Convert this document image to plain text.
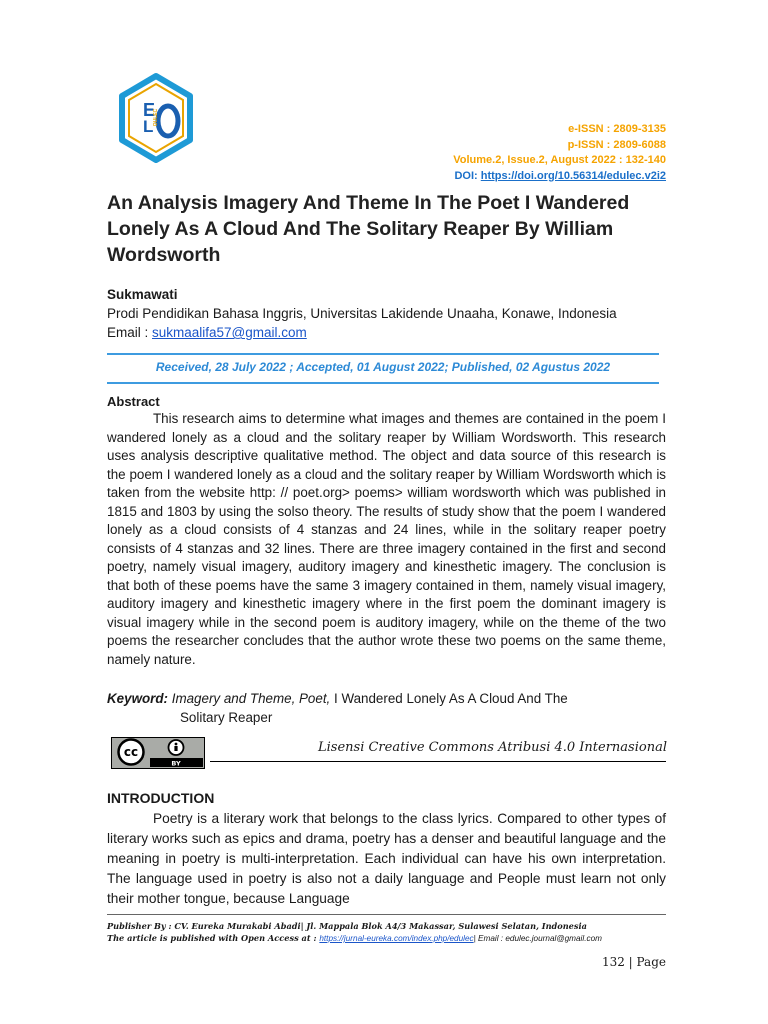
E
L DULEC
e-ISSN : 2809-3135
p-ISSN : 2809-6088
Volume.2, Issue.2, August 2022 : 132-140
DOI: https://doi.org/10.56314/edulec.v2i2
An Analysis Imagery And Theme In The Poet I Wandered Lonely As A Cloud And The Solitary Reaper By William Wordsworth
Sukmawati
Prodi Pendidikan Bahasa Inggris, Universitas Lakidende Unaaha, Konawe, Indonesia
Email : sukmaalifa57@gmail.com
Received, 28 July 2022 ; Accepted, 01 August 2022; Published, 02 Agustus 2022
Abstract

This research aims to determine what images and themes are contained in the poem I wandered lonely as a cloud and the solitary reaper by William Wordsworth. This research uses analysis descriptive qualitative method. The object and data source of this research is the poem I wandered lonely as a cloud and the solitary reaper by William Wordsworth which is taken from the website http: // poet.org> poems> william wordsworth which was published in 1815 and 1803 by using the solso theory. The results of study show that the poem I wandered lonely as a cloud consists of 4 stanzas and 24 lines, while in the solitary reaper poetry consists of 4 stanzas and 32 lines. There are three imagery contained in the first and second poetry, namely visual imagery, auditory imagery and kinesthetic imagery. The conclusion is that both of these poems have the same 3 imagery contained in them, namely visual imagery, auditory imagery and kinesthetic imagery where in the first poem the dominant imagery is visual imagery while in the second poem is auditory imagery, while on the theme of the two poems the researcher concludes that the author wrote these two poems on the same theme, namely nature.

Keyword: Imagery and Theme, Poet, I Wandered Lonely As A Cloud And The
Solitary Reaper
cc
BY
Lisensi Creative Commons Atribusi 4.0 Internasional
INTRODUCTION

Poetry is a literary work that belongs to the class lyrics. Compared to other types of literary works such as epics and drama, poetry has a denser and beautiful language and the meaning in poetry is multi-interpretation. Each individual can have his own interpretation. The language used in poetry is also not a daily language and People must learn not only their mother tongue, because Language

Publisher By : CV. Eureka Murakabi Abadi| Jl. Mappala Blok A4/3 Makassar, Sulawesi Selatan, Indonesia
The article is published with Open Access at : https://jurnal-eureka.com/index.php/edulec| Email : edulec.journal@gmail.com
132 | Page
